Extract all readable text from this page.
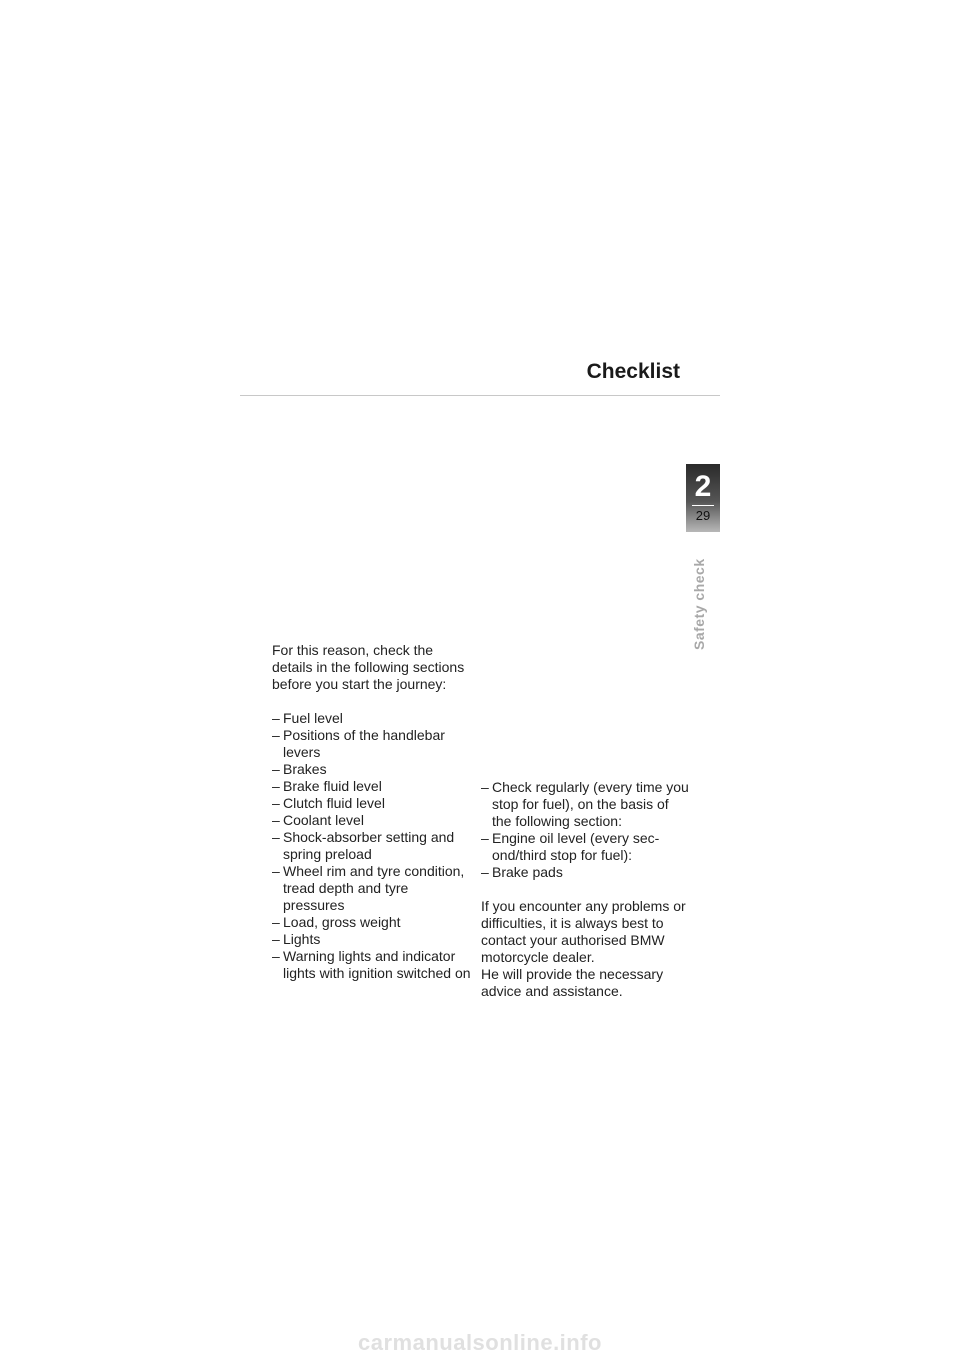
Checklist
2
29
Safety check

For this reason, check the details in the following sections before you start the journey:

– Fuel level
– Positions of the handlebar levers
– Brakes
– Brake fluid level
– Clutch fluid level
– Coolant level
– Shock-absorber setting and spring preload
– Wheel rim and tyre condition, tread depth and tyre pressures
– Load, gross weight
– Lights
– Warning lights and indicator lights with ignition switched on
– Check regularly (every time you stop for fuel), on the basis of the following section:
– Engine oil level (every sec-ond/third stop for fuel):
– Brake pads

If you encounter any problems or difficulties, it is always best to contact your authorised BMW motorcycle dealer.

He will provide the necessary advice and assistance.

carmanualsonline.info
